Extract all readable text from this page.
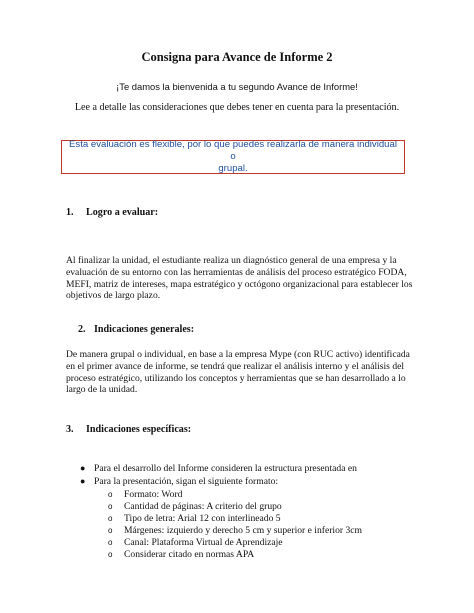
Consigna para Avance de Informe 2
¡Te damos la bienvenida a tu segundo Avance de Informe!
Lee a detalle las consideraciones que debes tener en cuenta para la presentación.
Esta evaluación es flexible, por lo que puedes realizarla de manera individual o
grupal.
1. Logro a evaluar:
Al finalizar la unidad, el estudiante realiza un diagnóstico general de una empresa y la
evaluación de su entorno con las herramientas de análisis del proceso estratégico FODA,
MEFI, matriz de intereses, mapa estratégico y octógono organizacional para establecer los
objetivos de largo plazo.
2. Indicaciones generales:
De manera grupal o individual, en base a la empresa Mype (con RUC activo) identificada
en el primer avance de informe, se tendrá que realizar el análisis interno y el análisis del
proceso estratégico, utilizando los conceptos y herramientas que se han desarrollado a lo
largo de la unidad.
3. Indicaciones específicas:
● Para el desarrollo del Informe consideren la estructura presentada en
● Para la presentación, sigan el siguiente formato:
o Formato: Word
o Cantidad de páginas: A criterio del grupo
o Tipo de letra: Arial 12 con interlineado 5
o Márgenes: izquierdo y derecho 5 cm y superior e inferior 3cm
o Canal: Plataforma Virtual de Aprendizaje
o Considerar citado en normas APA
